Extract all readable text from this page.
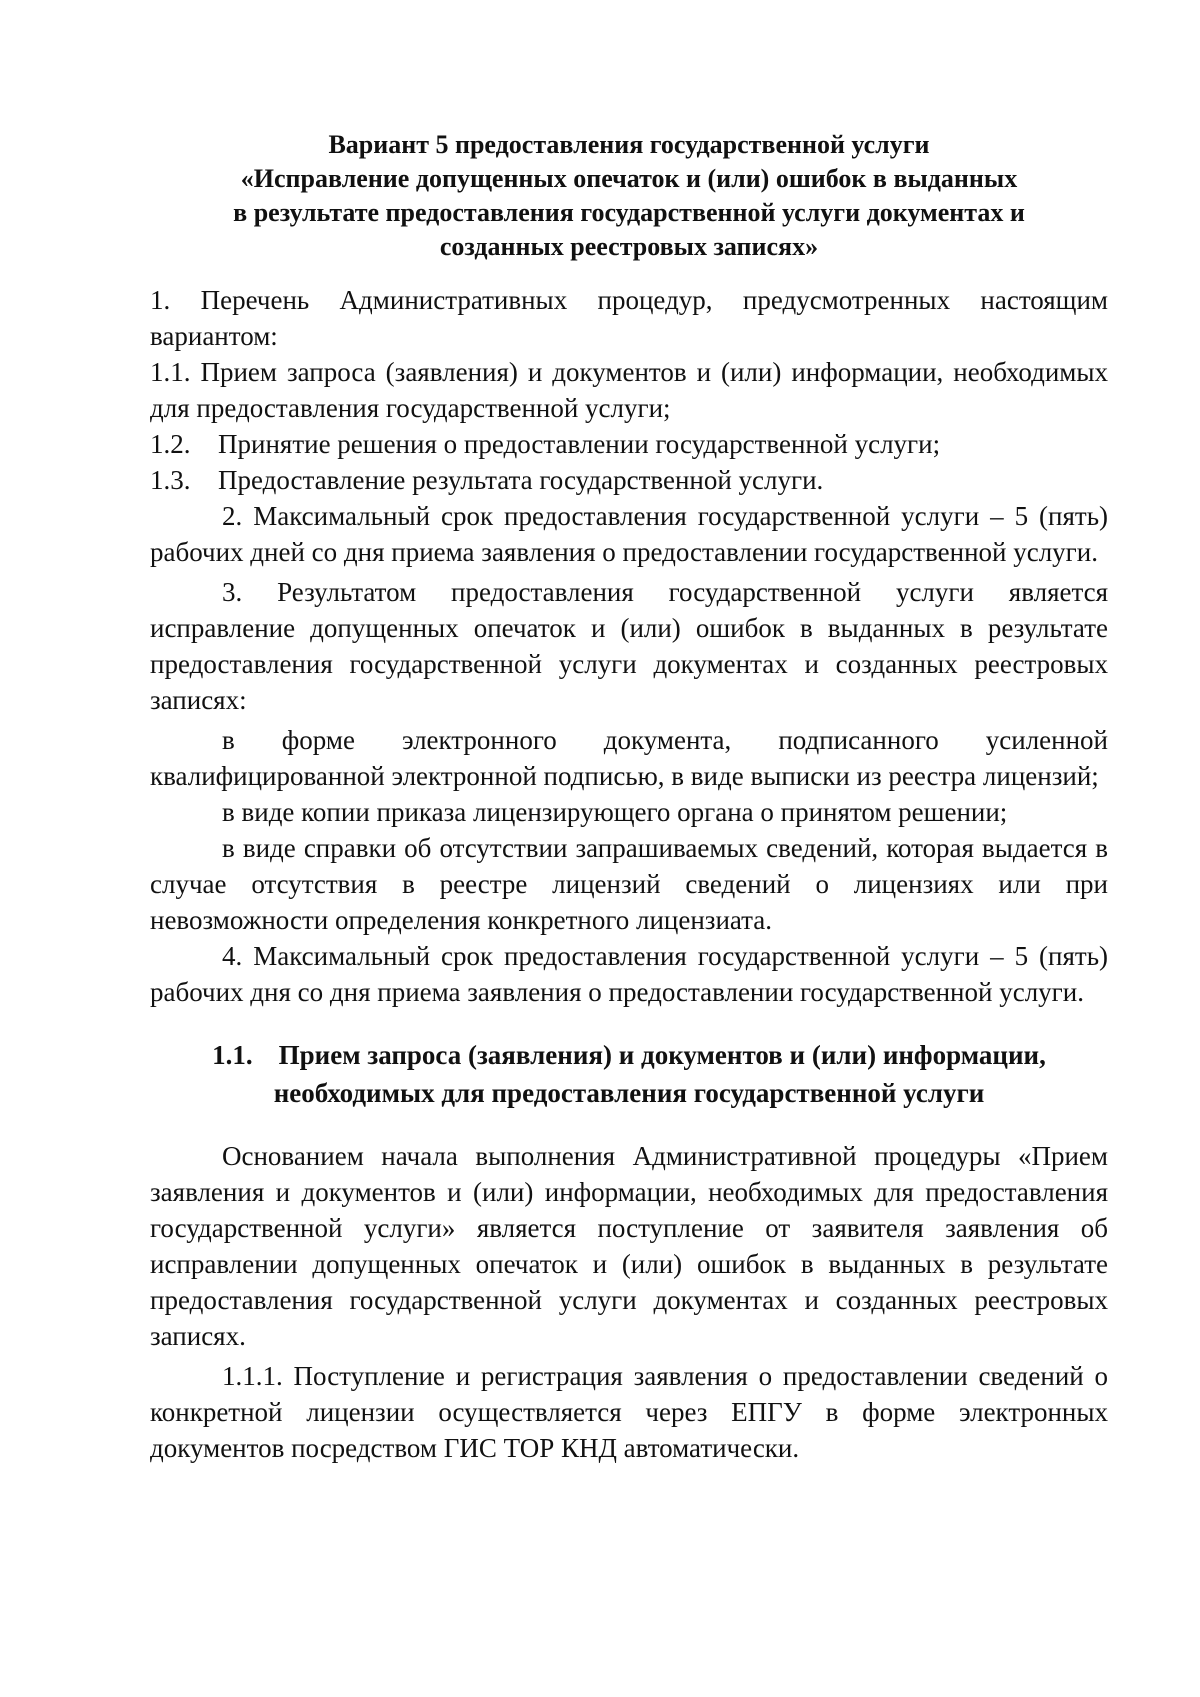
Вариант 5 предоставления государственной услуги
«Исправление допущенных опечаток и (или) ошибок в выданных
в результате предоставления государственной услуги документах и
созданных реестровых записях»

1. Перечень Административных процедур, предусмотренных настоящим вариантом:

1.1. Прием запроса (заявления) и документов и (или) информации, необходимых для предоставления государственной услуги;
1.2.	Принятие решения о предоставлении государственной услуги;
1.3.	Предоставление результата государственной услуги.

2. Максимальный срок предоставления государственной услуги – 5 (пять) рабочих дней со дня приема заявления о предоставлении государственной услуги.

3. Результатом предоставления государственной услуги является исправление допущенных опечаток и (или) ошибок в выданных в результате предоставления государственной услуги документах и созданных реестровых записях:

в форме электронного документа, подписанного усиленной квалифицированной электронной подписью, в виде выписки из реестра лицензий;

в виде копии приказа лицензирующего органа о принятом решении;

в виде справки об отсутствии запрашиваемых сведений, которая выдается в случае отсутствия в реестре лицензий сведений о лицензиях или при невозможности определения конкретного лицензиата.

4. Максимальный срок предоставления государственной услуги – 5 (пять) рабочих дня со дня приема заявления о предоставлении государственной услуги.

1.1. Прием запроса (заявления) и документов и (или) информации,
необходимых для предоставления государственной услуги

Основанием начала выполнения Административной процедуры «Прием заявления и документов и (или) информации, необходимых для предоставления государственной услуги» является поступление от заявителя заявления об исправлении допущенных опечаток и (или) ошибок в выданных в результате предоставления государственной услуги документах и созданных реестровых записях.

1.1.1. Поступление и регистрация заявления о предоставлении сведений о конкретной лицензии осуществляется через ЕПГУ в форме электронных документов посредством ГИС ТОР КНД автоматически.
